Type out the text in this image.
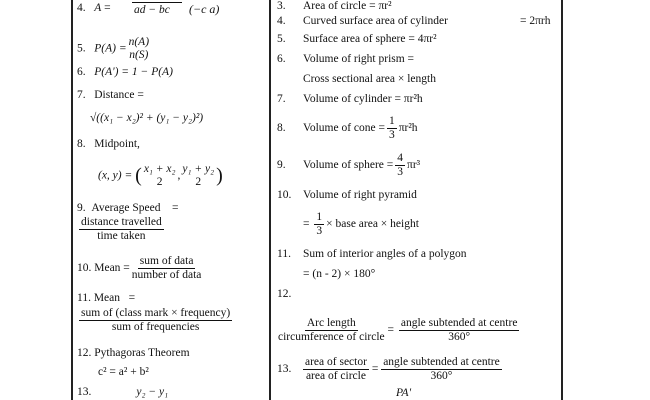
4. A = ad − bc (−c a)
5. P(A) =
n(A)
n(S)
6. P(A') = 1 − P(A)
7. Distance =
√((x₁ − x₂)² + (y₁ − y₂)²)
8. Midpoint,
(x, y) = ( x₁ + x₂
2
,
y₁ + y₂
2 )
9. Average Speed =
distance travelled
time taken
10. Mean =
sum of data
number of data
11. Mean =
sum of (class mark × frequency)
sum of frequencies
12. Pythagoras Theorem
c² = a² + b²
13.	y₂ − y₁
3. Area of circle = πr²
4. Curved surface area of cylinder	= 2πrh
5. Surface area of sphere = 4πr²
6. Volume of right prism =
Cross sectional area × length
7. Volume of cylinder = πr²h
8. Volume of cone = $\frac{1}{3} \pi r^2h$
9. Volume of sphere = $\frac{4}{3} \pi r^3$
10. Volume of right pyramid
= $\frac{1}{3}$ × base area × height
11. Sum of interior angles of a polygon
= (n - 2) × 180°
12.
Arc length
circumference of circle
=
angle subtended at centre
360°
13.
area of sector
area of circle
=
angle subtended at centre
360°
PA'
